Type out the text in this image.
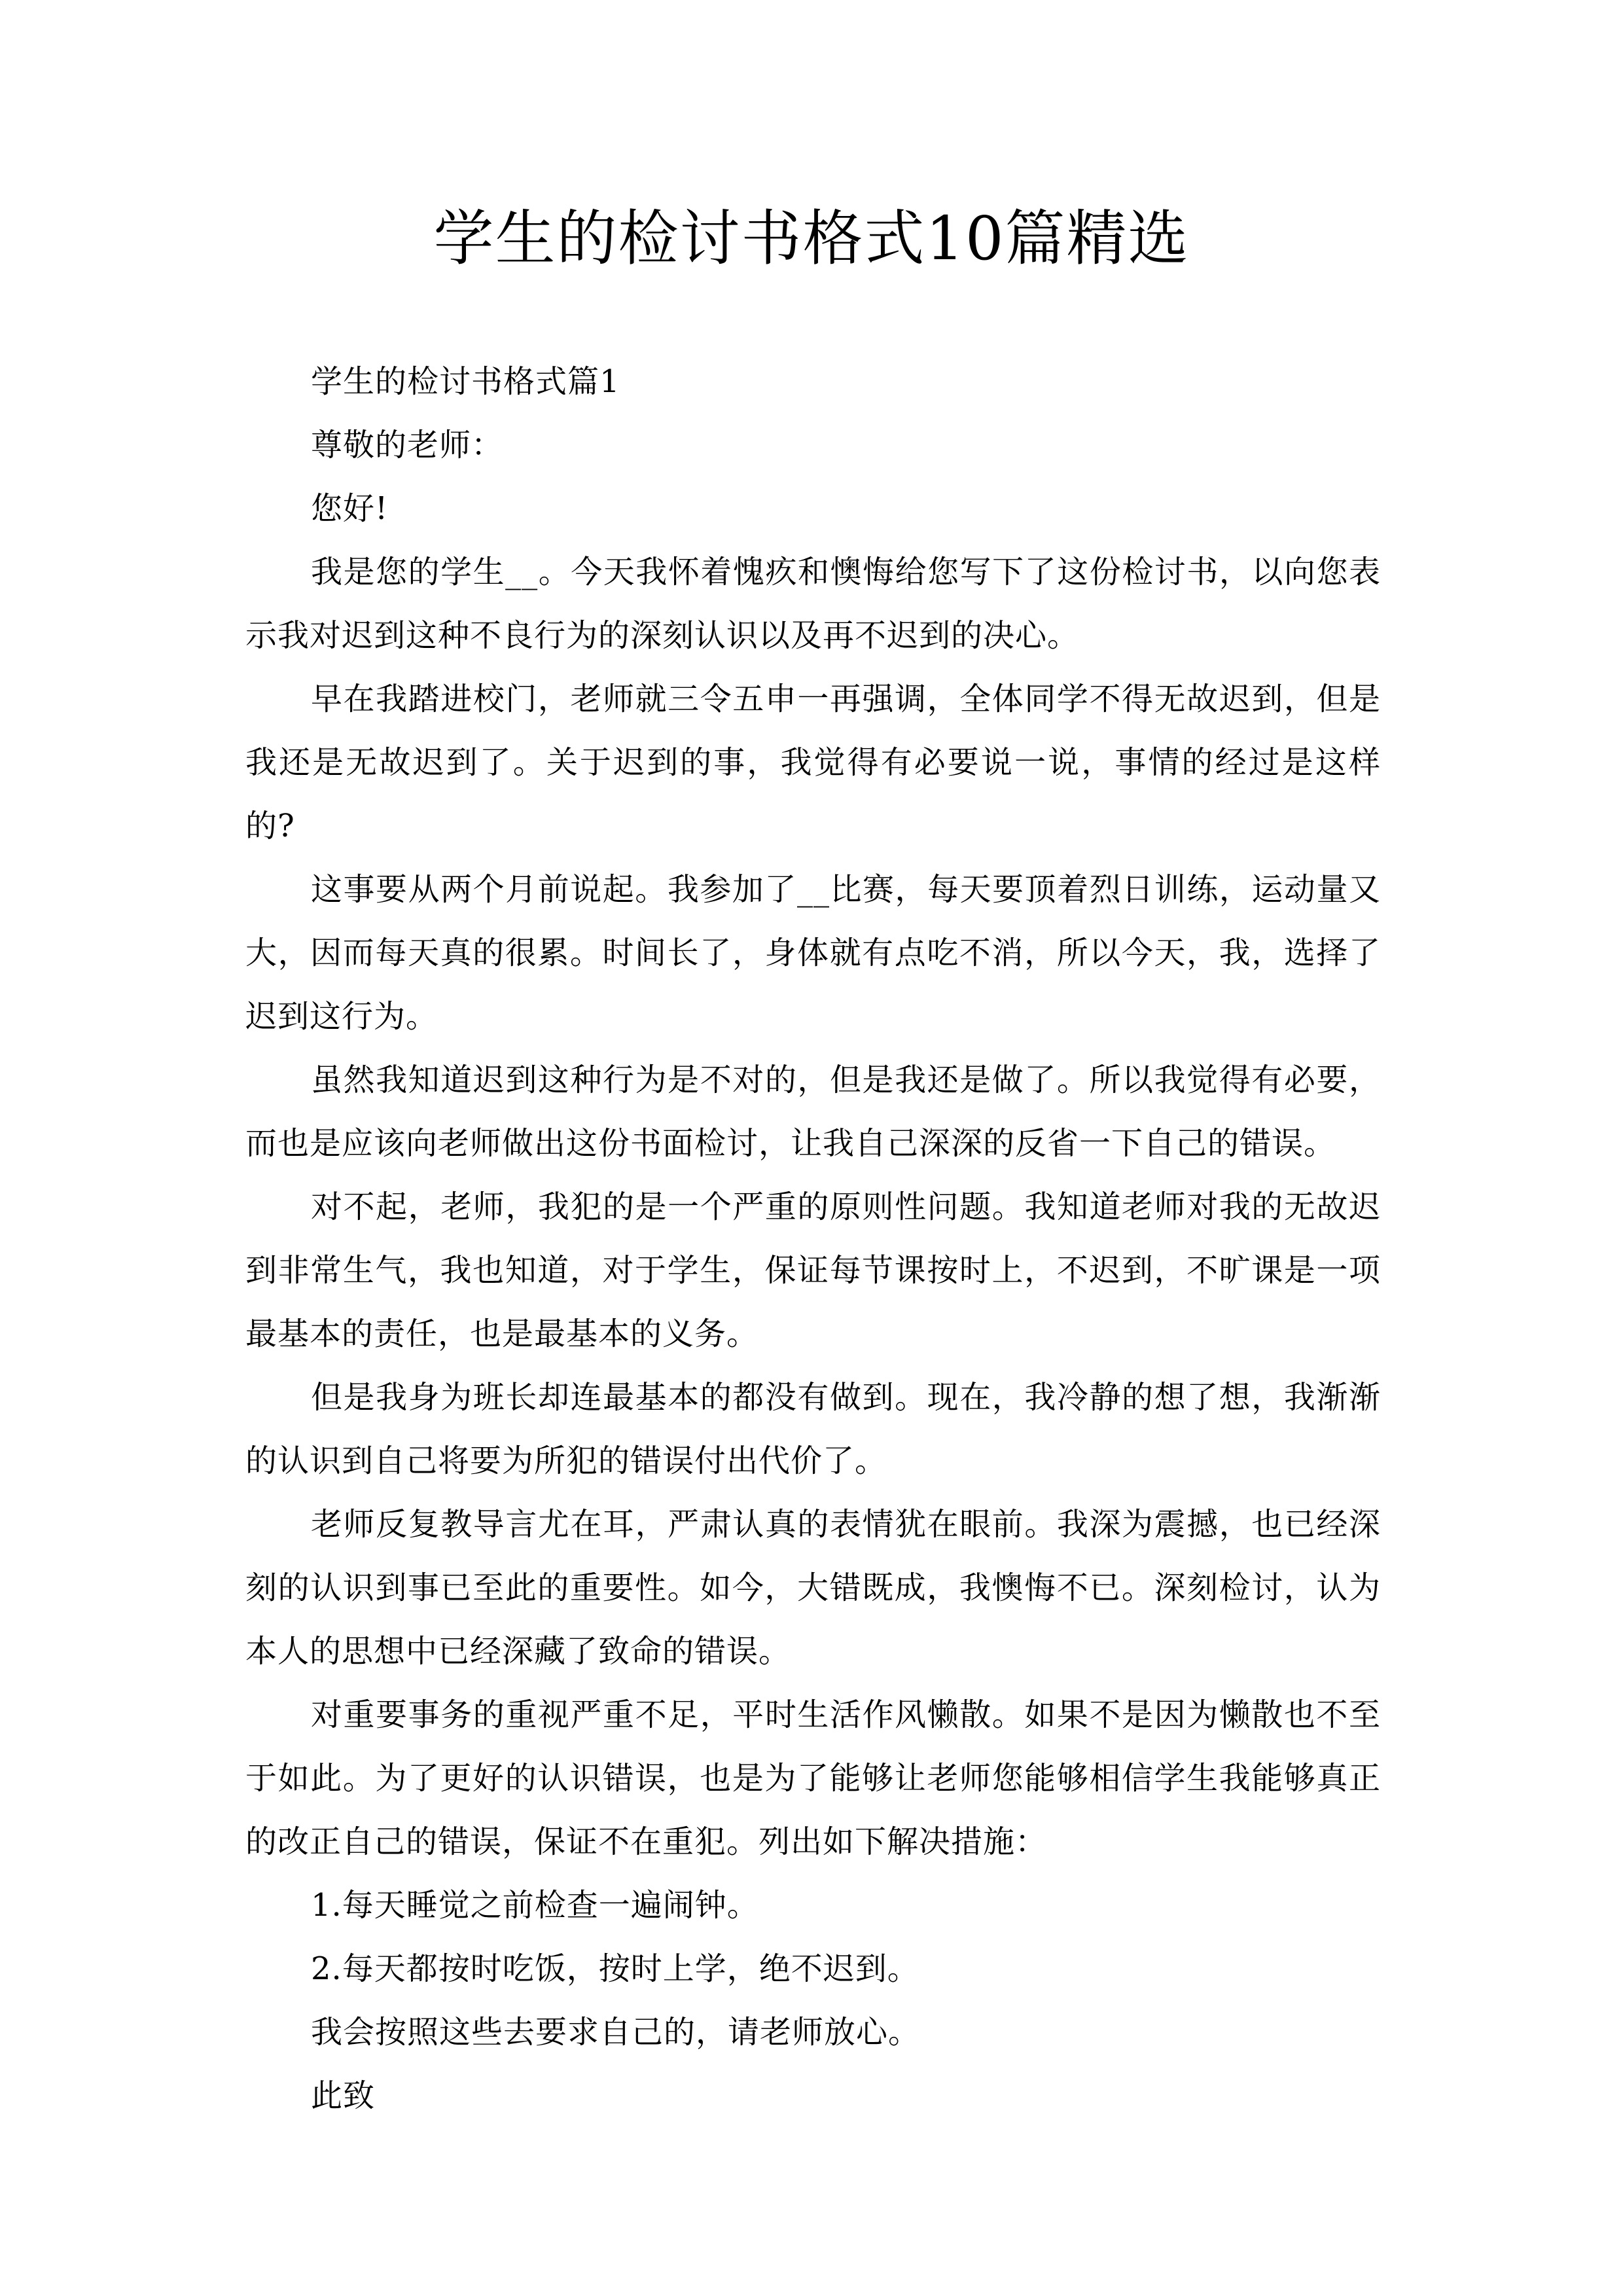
学生的检讨书格式10篇精选

学生的检讨书格式篇1

尊敬的老师：

您好!

我是您的学生__。今天我怀着愧疚和懊悔给您写下了这份检讨书，以向您表示我对迟到这种不良行为的深刻认识以及再不迟到的决心。

早在我踏进校门，老师就三令五申一再强调，全体同学不得无故迟到，但是我还是无故迟到了。关于迟到的事，我觉得有必要说一说，事情的经过是这样的?

这事要从两个月前说起。我参加了__比赛，每天要顶着烈日训练，运动量又大，因而每天真的很累。时间长了，身体就有点吃不消，所以今天，我，选择了迟到这行为。

虽然我知道迟到这种行为是不对的，但是我还是做了。所以我觉得有必要，而也是应该向老师做出这份书面检讨，让我自己深深的反省一下自己的错误。

对不起，老师，我犯的是一个严重的原则性问题。我知道老师对我的无故迟到非常生气，我也知道，对于学生，保证每节课按时上，不迟到，不旷课是一项最基本的责任，也是最基本的义务。

但是我身为班长却连最基本的都没有做到。现在，我冷静的想了想，我渐渐的认识到自己将要为所犯的错误付出代价了。

老师反复教导言尤在耳，严肃认真的表情犹在眼前。我深为震撼，也已经深刻的认识到事已至此的重要性。如今，大错既成，我懊悔不已。深刻检讨，认为本人的思想中已经深藏了致命的错误。

对重要事务的重视严重不足，平时生活作风懒散。如果不是因为懒散也不至于如此。为了更好的认识错误，也是为了能够让老师您能够相信学生我能够真正的改正自己的错误，保证不在重犯。列出如下解决措施：

1.每天睡觉之前检查一遍闹钟。

2.每天都按时吃饭，按时上学，绝不迟到。

我会按照这些去要求自己的，请老师放心。

此致
